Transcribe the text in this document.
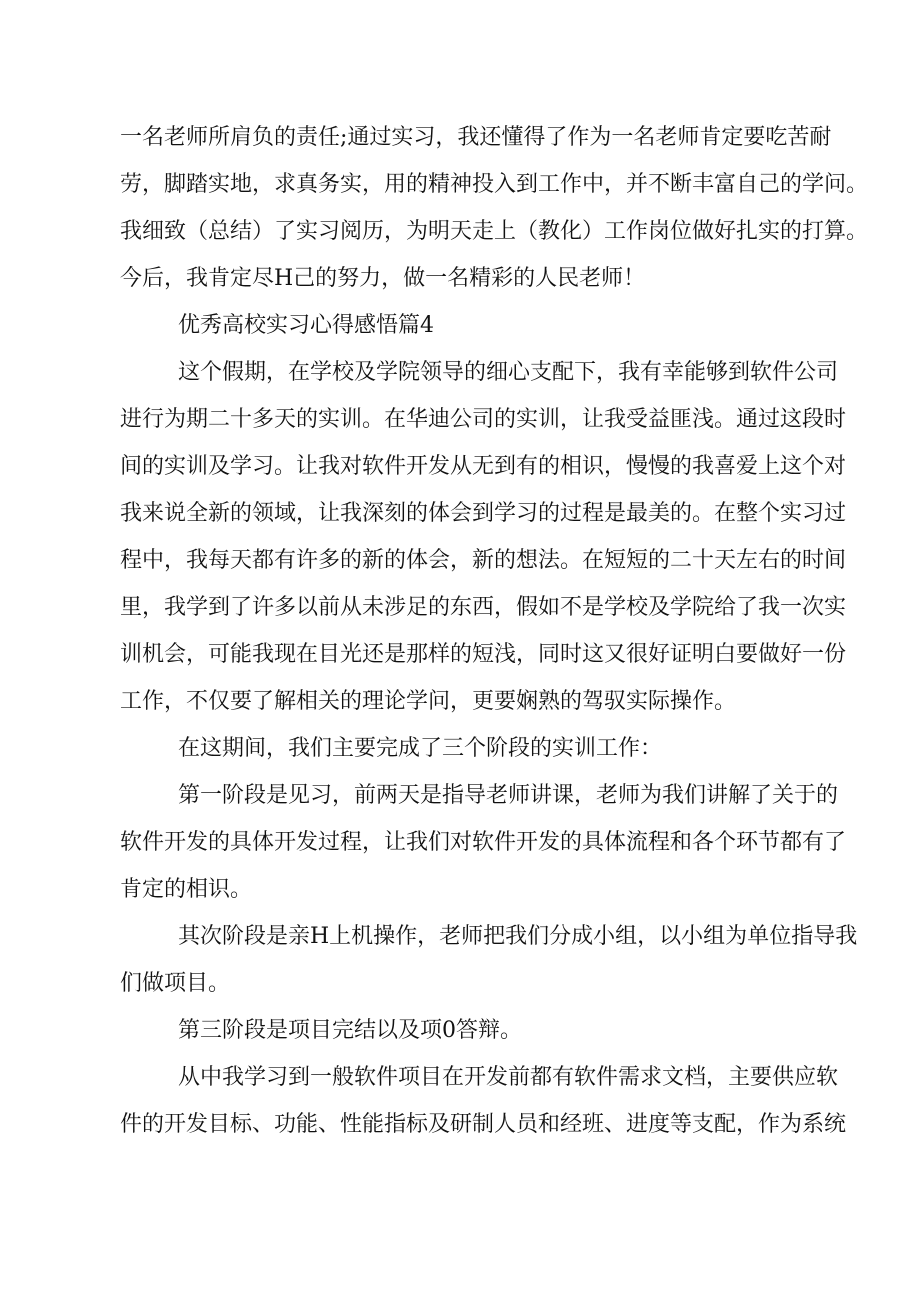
一名老师所肩负的责任;通过实习，我还懂得了作为一名老师肯定要吃苦耐

劳，脚踏实地，求真务实，用的精神投入到工作中，并不断丰富自己的学问。

我细致（总结）了实习阅历，为明天走上（教化）工作岗位做好扎实的打算。

今后，我肯定尽H己的努力，做一名精彩的人民老师！

优秀高校实习心得感悟篇4

这个假期，在学校及学院领导的细心支配下，我有幸能够到软件公司

进行为期二十多天的实训。在华迪公司的实训，让我受益匪浅。通过这段时

间的实训及学习。让我对软件开发从无到有的相识，慢慢的我喜爱上这个对

我来说全新的领域，让我深刻的体会到学习的过程是最美的。在整个实习过

程中，我每天都有许多的新的体会，新的想法。在短短的二十天左右的时间

里，我学到了许多以前从未涉足的东西，假如不是学校及学院给了我一次实

训机会，可能我现在目光还是那样的短浅，同时这又很好证明白要做好一份

工作，不仅要了解相关的理论学问，更要娴熟的驾驭实际操作。

在这期间，我们主要完成了三个阶段的实训工作：

第一阶段是见习，前两天是指导老师讲课，老师为我们讲解了关于的

软件开发的具体开发过程，让我们对软件开发的具体流程和各个环节都有了

肯定的相识。

其次阶段是亲H上机操作，老师把我们分成小组，以小组为单位指导我

们做项目。

第三阶段是项目完结以及项0答辩。

从中我学习到一般软件项目在开发前都有软件需求文档，主要供应软

件的开发目标、功能、性能指标及研制人员和经班、进度等支配，作为系统
